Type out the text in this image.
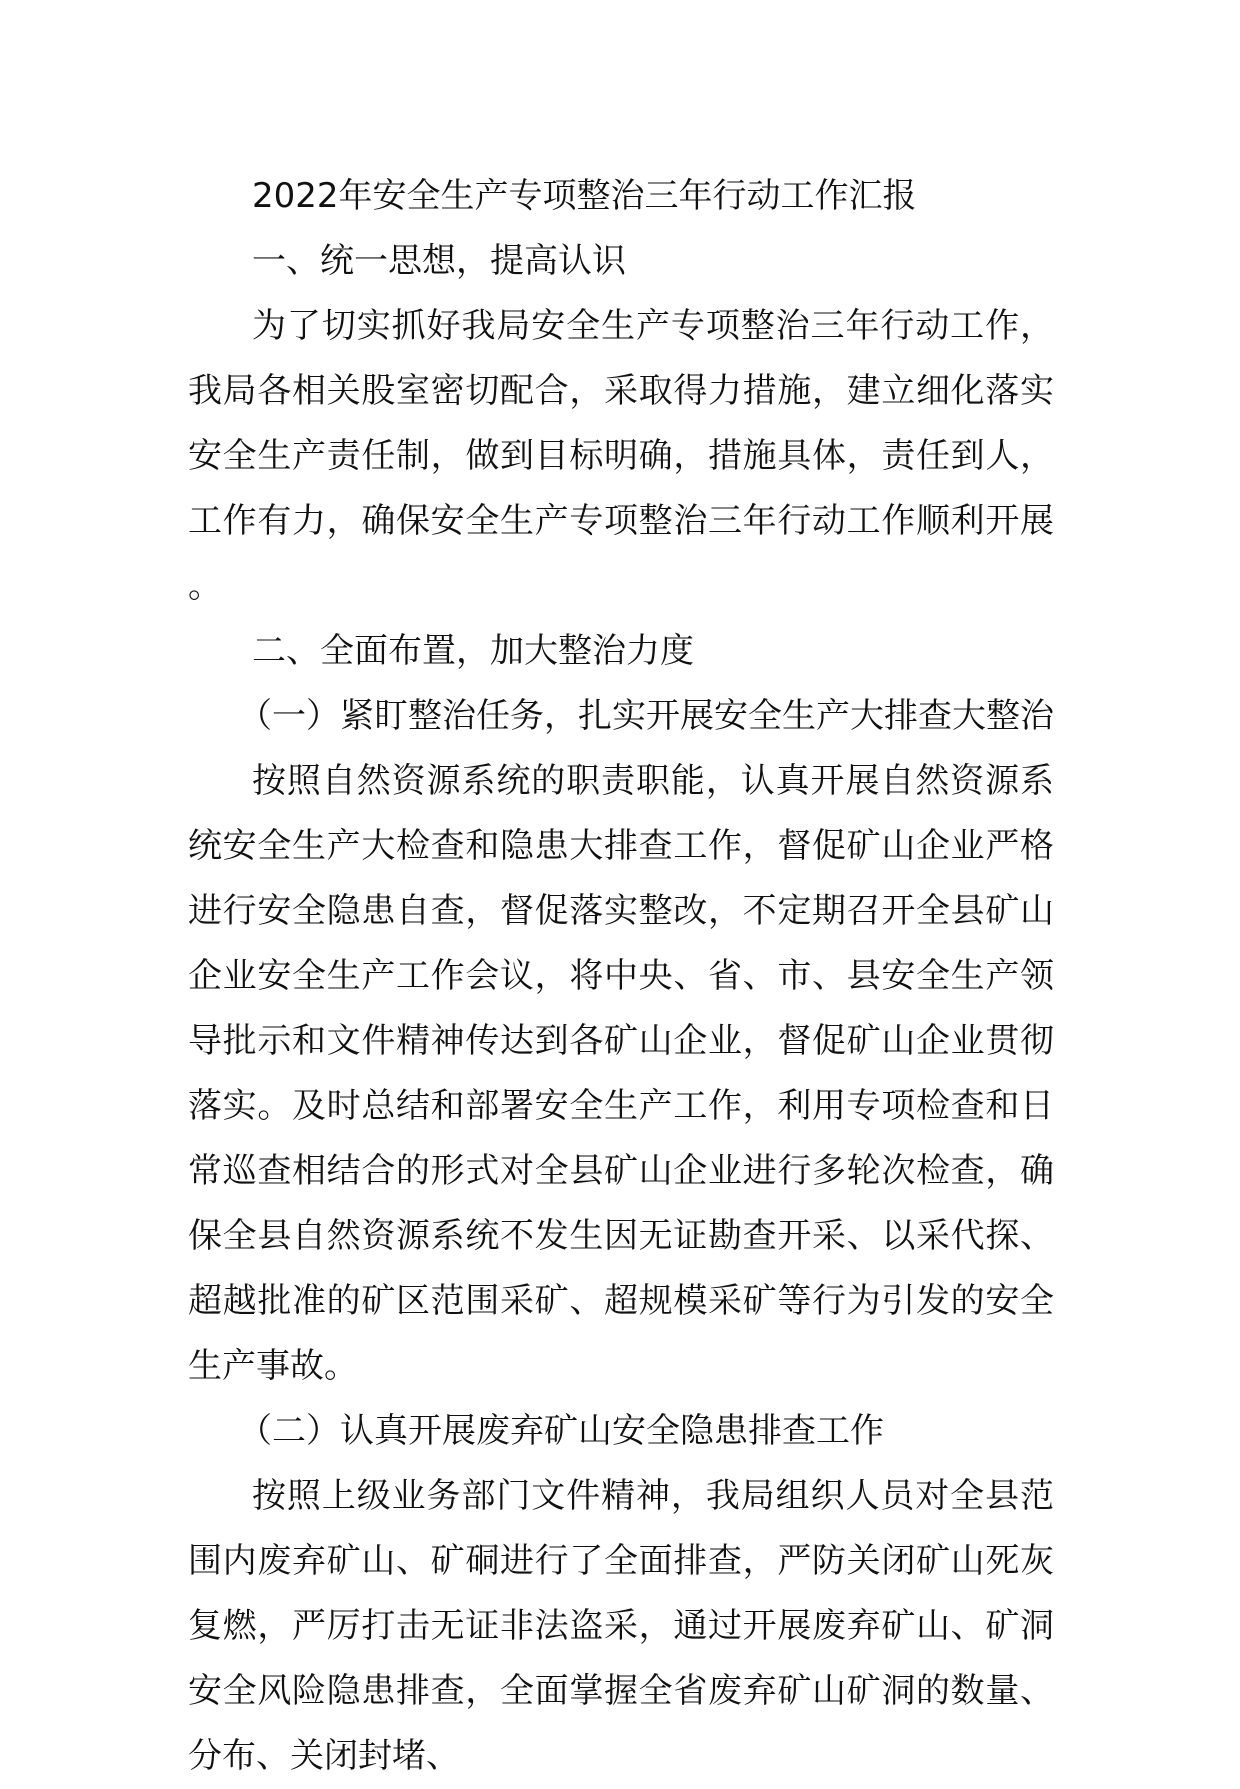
2022年安全生产专项整治三年行动工作汇报

一、统一思想，提高认识

为了切实抓好我局安全生产专项整治三年行动工作，我局各相关股室密切配合，采取得力措施，建立细化落实安全生产责任制，做到目标明确，措施具体，责任到人，工作有力，确保安全生产专项整治三年行动工作顺利开展。

二、全面布置，加大整治力度

（一）紧盯整治任务，扎实开展安全生产大排查大整治

按照自然资源系统的职责职能，认真开展自然资源系统安全生产大检查和隐患大排查工作，督促矿山企业严格进行安全隐患自查，督促落实整改，不定期召开全县矿山企业安全生产工作会议，将中央、省、市、县安全生产领导批示和文件精神传达到各矿山企业，督促矿山企业贯彻落实。及时总结和部署安全生产工作，利用专项检查和日常巡查相结合的形式对全县矿山企业进行多轮次检查，确保全县自然资源系统不发生因无证勘查开采、以采代探、超越批准的矿区范围采矿、超规模采矿等行为引发的安全生产事故。

（二）认真开展废弃矿山安全隐患排查工作

按照上级业务部门文件精神，我局组织人员对全县范围内废弃矿山、矿硐进行了全面排查，严防关闭矿山死灰复燃，严厉打击无证非法盗采，通过开展废弃矿山、矿洞安全风险隐患排查，全面掌握全省废弃矿山矿洞的数量、分布、关闭封堵、
